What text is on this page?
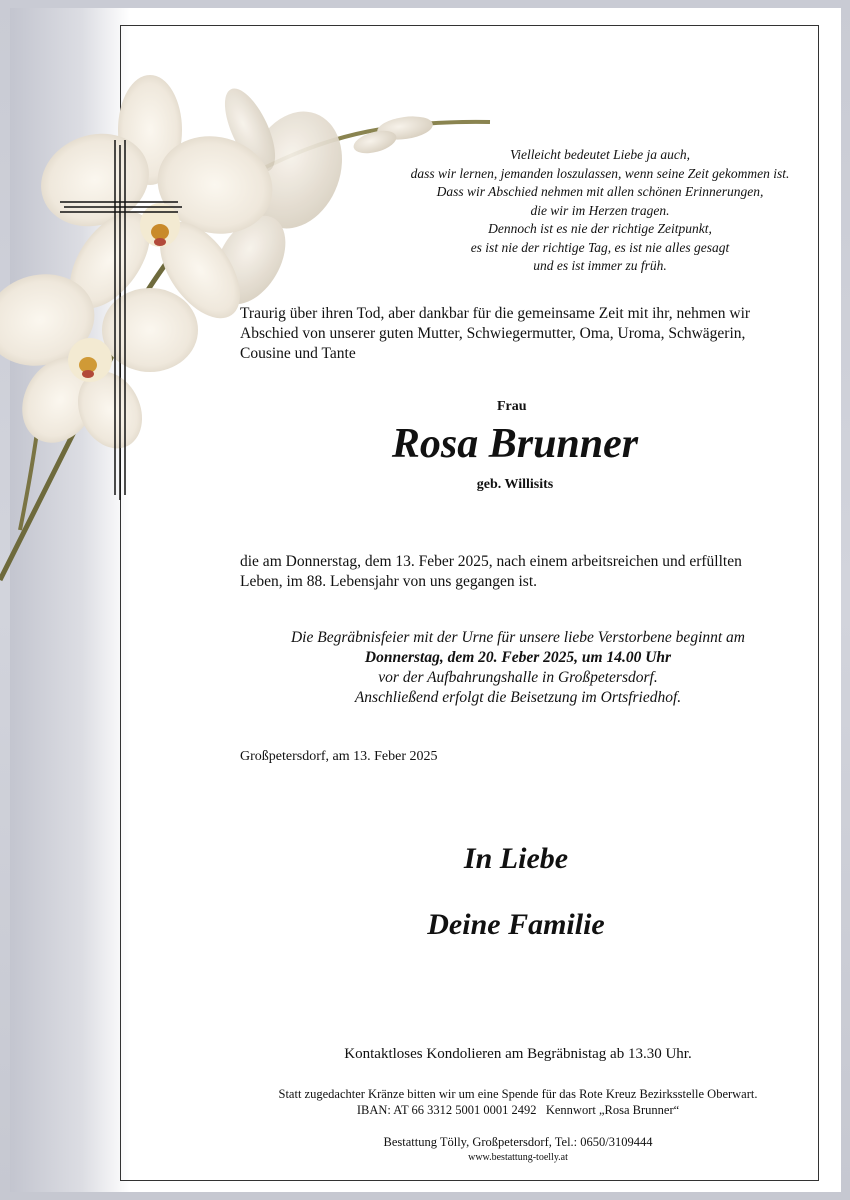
Vielleicht bedeutet Liebe ja auch,
dass wir lernen, jemanden loszulassen, wenn seine Zeit gekommen ist.
Dass wir Abschied nehmen mit allen schönen Erinnerungen,
die wir im Herzen tragen.
Dennoch ist es nie der richtige Zeitpunkt,
es ist nie der richtige Tag, es ist nie alles gesagt
und es ist immer zu früh.
Traurig über ihren Tod, aber dankbar für die gemeinsame Zeit mit ihr, nehmen wir
Abschied von unserer guten Mutter, Schwiegermutter, Oma, Uroma, Schwägerin,
Cousine und Tante
Frau
Rosa Brunner
geb. Willisits
die am Donnerstag, dem 13. Feber 2025, nach einem arbeitsreichen und erfüllten
Leben, im 88. Lebensjahr von uns gegangen ist.
Die Begräbnisfeier mit der Urne für unsere liebe Verstorbene beginnt am
Donnerstag, dem 20. Feber 2025, um 14.00 Uhr
vor der Aufbahrungshalle in Großpetersdorf.
Anschließend erfolgt die Beisetzung im Ortsfriedhof.
Großpetersdorf, am 13. Feber 2025
In Liebe
Deine Familie
Kontaktloses Kondolieren am Begräbnistag ab 13.30 Uhr.
Statt zugedachter Kränze bitten wir um eine Spende für das Rote Kreuz Bezirksstelle Oberwart.
IBAN: AT 66 3312 5001 0001 2492   Kennwort „Rosa Brunner“
Bestattung Tölly, Großpetersdorf, Tel.: 0650/3109444
www.bestattung-toelly.at
